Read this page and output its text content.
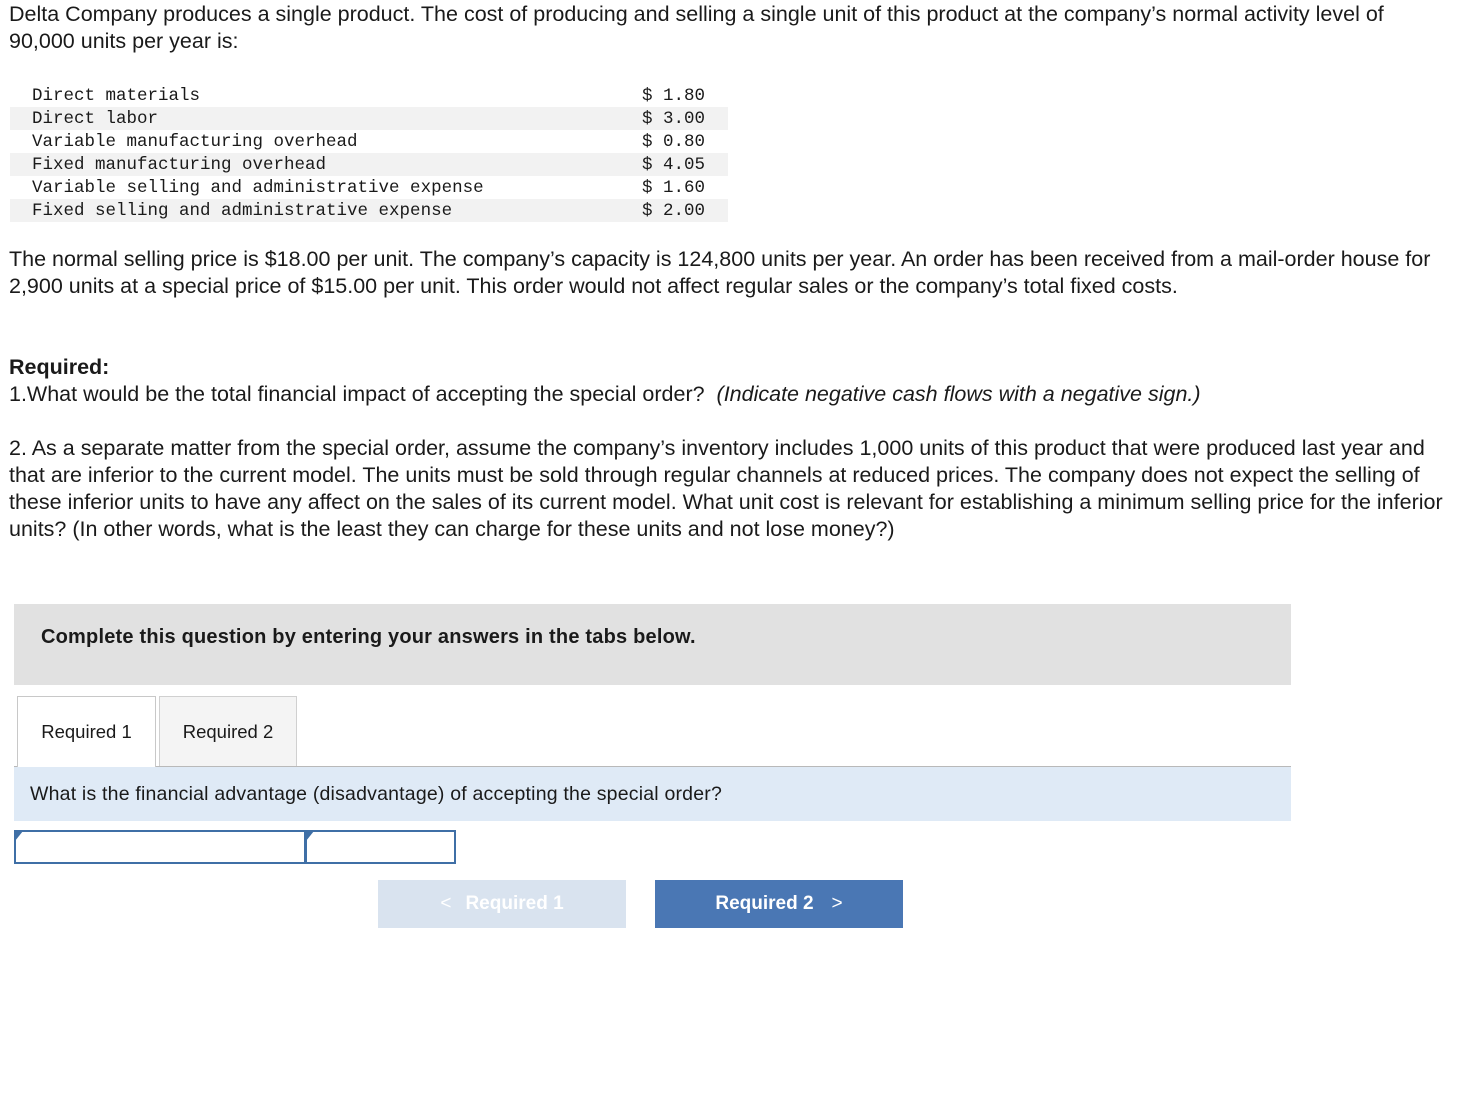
Delta Company produces a single product. The cost of producing and selling a single unit of this product at the company’s normal activity level of 90,000 units per year is:

Direct materials	$ 1.80
Direct labor	$ 3.00
Variable manufacturing overhead	$ 0.80
Fixed manufacturing overhead	$ 4.05
Variable selling and administrative expense	$ 1.60
Fixed selling and administrative expense	$ 2.00

The normal selling price is $18.00 per unit. The company’s capacity is 124,800 units per year. An order has been received from a mail-order house for 2,900 units at a special price of $15.00 per unit. This order would not affect regular sales or the company’s total fixed costs.

Required:

1.What would be the total financial impact of accepting the special order? (Indicate negative cash flows with a negative sign.)

2. As a separate matter from the special order, assume the company’s inventory includes 1,000 units of this product that were produced last year and that are inferior to the current model. The units must be sold through regular channels at reduced prices. The company does not expect the selling of these inferior units to have any affect on the sales of its current model. What unit cost is relevant for establishing a minimum selling price for the inferior units? (In other words, what is the least they can charge for these units and not lose money?)

Complete this question by entering your answers in the tabs below.
Required 1	Required 2
What is the financial advantage (disadvantage) of accepting the special order?
< Required 1	Required 2 >
